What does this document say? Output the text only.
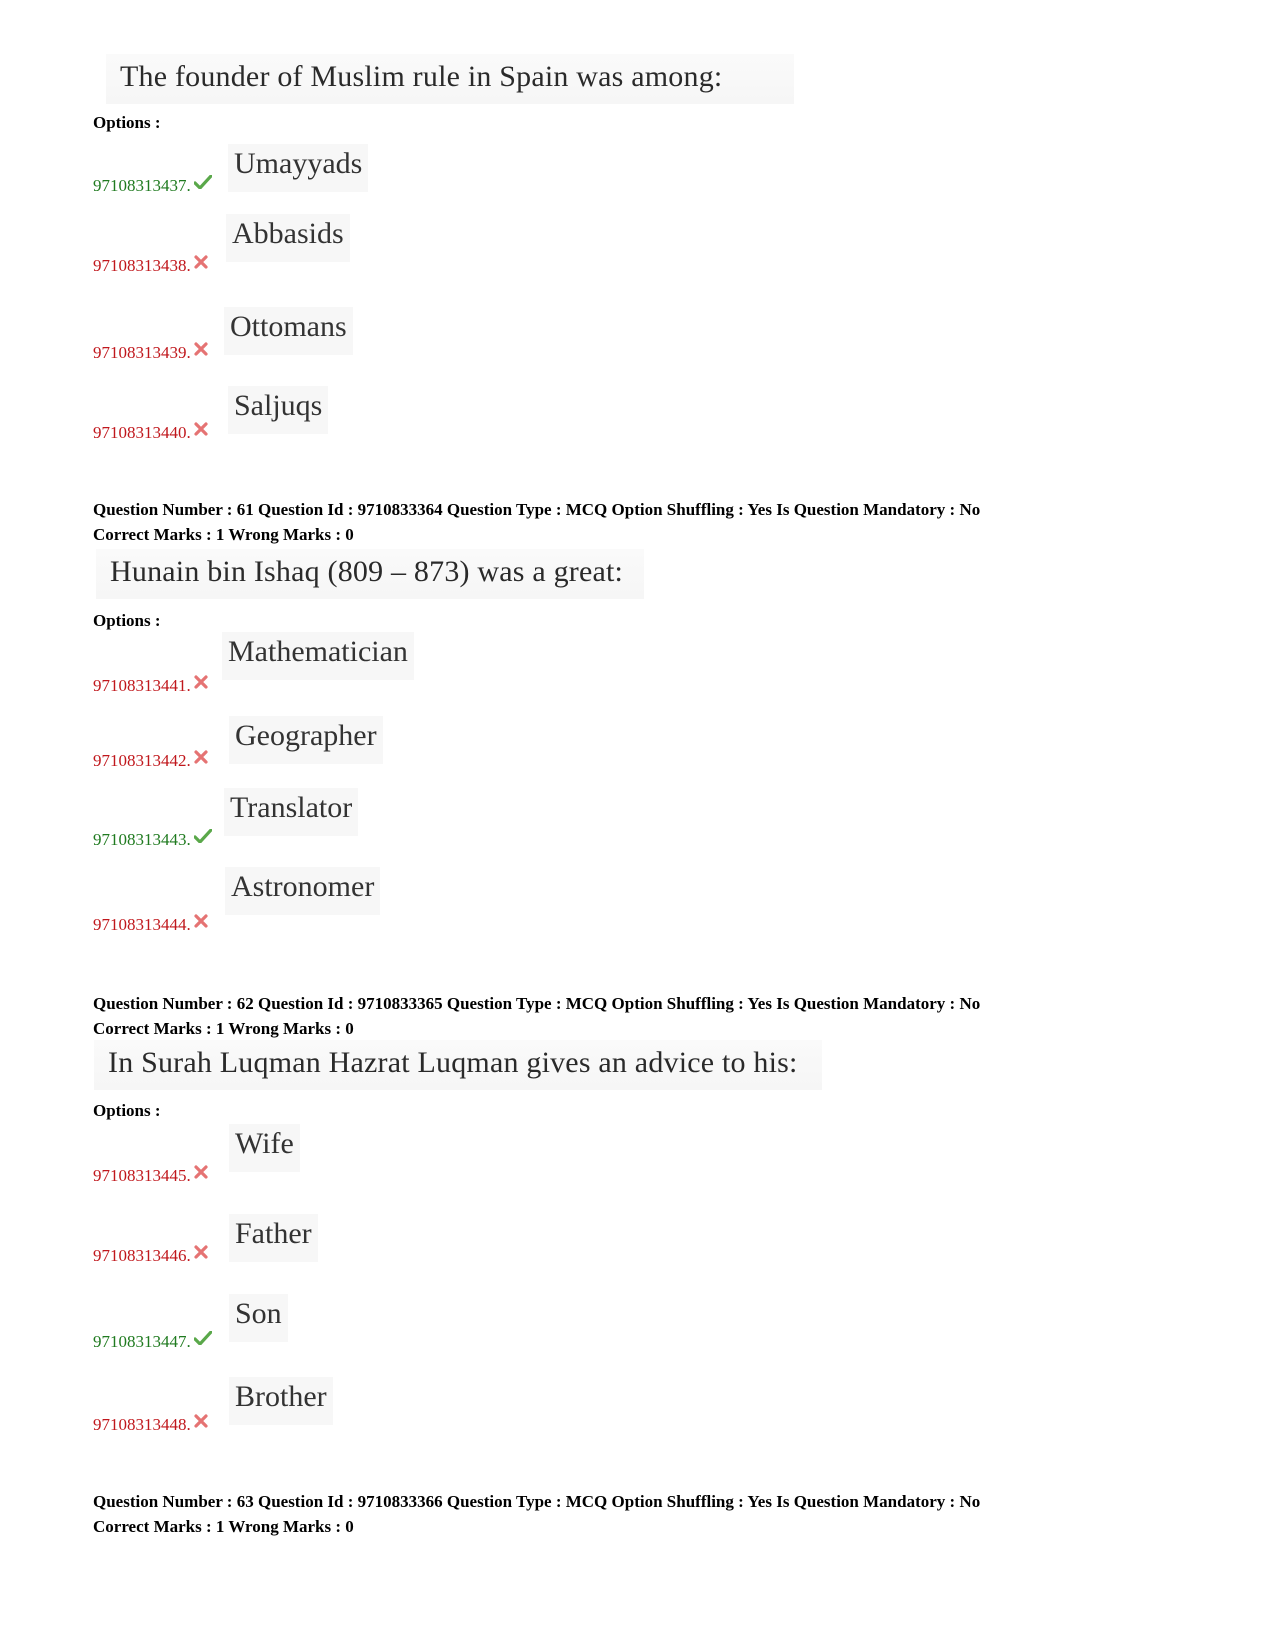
The founder of Muslim rule in Spain was among:
Options :
97108313437.
Umayyads
97108313438.
Abbasids
97108313439.
Ottomans
97108313440.
Saljuqs
Question Number : 61 Question Id : 9710833364 Question Type : MCQ Option Shuffling : Yes Is Question Mandatory : No
Correct Marks : 1 Wrong Marks : 0
Hunain bin Ishaq (809 – 873) was a great:
Options :
97108313441.
Mathematician
97108313442.
Geographer
97108313443.
Translator
97108313444.
Astronomer
Question Number : 62 Question Id : 9710833365 Question Type : MCQ Option Shuffling : Yes Is Question Mandatory : No
Correct Marks : 1 Wrong Marks : 0
In Surah Luqman Hazrat Luqman gives an advice to his:
Options :
97108313445.
Wife
97108313446.
Father
97108313447.
Son
97108313448.
Brother
Question Number : 63 Question Id : 9710833366 Question Type : MCQ Option Shuffling : Yes Is Question Mandatory : No
Correct Marks : 1 Wrong Marks : 0
